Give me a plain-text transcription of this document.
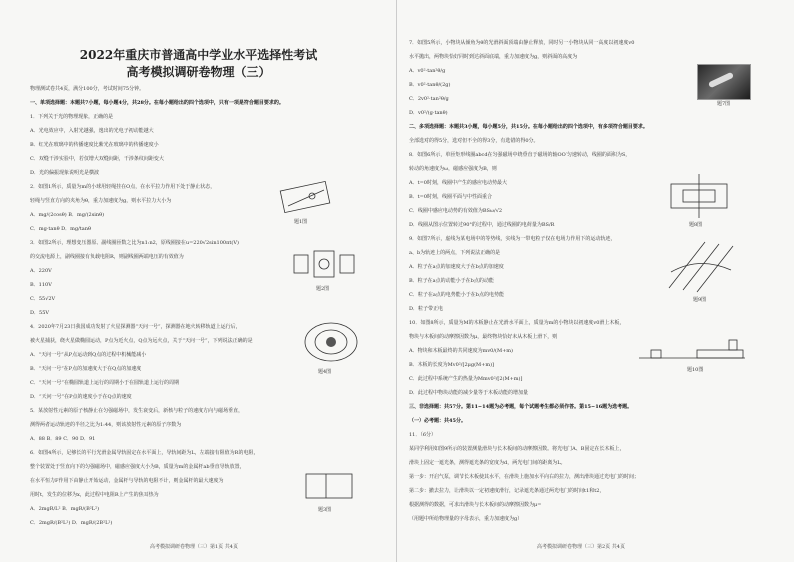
2022年重庆市普通高中学业水平选择性考试
高考模拟调研卷物理（三）
物理测试卷共4页，满分100分，考试时间75分钟。
一、单项选择题：本题共7小题，每小题4分，共28分。在每小题给出的四个选项中，只有一项是符合题目要求的。
1．下列关于光的物理现象，正确的是
A．光电效应中，入射光越强，逸出的光电子初动能越大
B．红光在玻璃中的传播速度比紫光在玻璃中的传播速度小
C．双缝干涉实验中，若仅增大双缝间距，干涉条纹间距变大
D．光的偏振现象说明光是横波
2．如图1所示，质量为m的小球用轻绳挂在O点，在水平拉力作用下处于静止状态，
轻绳与竖直方向的夹角为θ，重力加速度为g，则水平拉力大小为
A．mg/(2cosθ) B．mg/(2sinθ)
C．mg·tanθ D．mg/tanθ
3．如图2所示，理想变压器原、副线圈匝数之比为n1:n2，原线圈接在u=220√2sin100πt(V)
的交流电源上，副线圈接有负载电阻R，则副线圈两端电压的有效值为
A．220V
B．110V
C．55√2V
D．55V
4．2020年7月23日我国成功发射了火星探测器“天问一号”，探测器在地火转移轨道上运行后，
被火星捕获，绕火星做椭圆运动，P点为近火点，Q点为远火点，关于“天问一号”，下列说法正确的是
A．“天问一号”从P点运动到Q点的过程中机械能减小
B．“天问一号”在P点的加速度大于在Q点的加速度
C．“天问一号”在椭圆轨道上运行的周期小于在圆轨道上运行的周期
D．“天问一号”在P点的速度小于在Q点的速度
5．某放射性元素的原子核静止在匀强磁场中，发生衰变后，新核与粒子的速度方向与磁场垂直，
测得两者运动轨迹的半径之比为1:44，则该放射性元素的原子序数为
A．88 B．89 C．90 D．91
6．如图4所示，足够长的平行光滑金属导轨固定在水平面上，导轨间距为L，左端接有阻值为R的电阻，
整个装置处于竖直向下的匀强磁场中，磁感应强度大小为B，质量为m的金属杆ab垂直导轨放置，
在水平恒力F作用下由静止开始运动，金属杆与导轨的电阻不计，则金属杆的最大速度为
用时t，发生的位移为x，此过程中电阻R上产生的焦耳热为
A．2mgR/L² B．mgR/(B²L²)
C．2mgR/(B²L²) D．mgR/(2B²L²)
题1图
题2图
题4图
题3图
高考模拟调研卷物理（三）第1页 共4页
7．如图5所示，小物块从倾角为θ的光滑斜面顶端由静止释放，同时另一小物块从同一高度以初速度v0
水平抛出，两物块恰好同时到达斜面底端，重力加速度为g，则斜面的高度为
A．v0²·tan²θ/g
B．v0²·tanθ/(2g)
C．2v0²·tan²θ/g
D．v0²/(g·tanθ)
二、多项选择题：本题共3小题，每小题5分，共15分。在每小题给出的四个选项中，有多项符合题目要求。
全部选对的得5分，选对但不全的得3分，有选错的得0分。
8．如图6所示，单匝矩形线圈abcd在匀强磁场中绕垂直于磁场的轴OO′匀速转动，线圈的面积为S，
转动的角速度为ω，磁感应强度为B，则
A．t=0时刻，线圈中产生的感应电动势最大
B．t=0时刻，线圈平面与中性面重合
C．线圈中感应电动势的有效值为BSω/√2
D．线圈从图示位置转过90°的过程中，通过线圈的电荷量为BS/R
9．如图7所示，虚线为某电场中的等势线，实线为一带电粒子仅在电场力作用下的运动轨迹，
a、b为轨迹上的两点，下列说法正确的是
A．粒子在a点的加速度大于在b点的加速度
B．粒子在a点的动能小于在b点的动能
C．粒子在a点的电势能小于在b点的电势能
D．粒子带正电
10．如图8所示，质量为M的木板静止在光滑水平面上，质量为m的小物块以初速度v0滑上木板，
物块与木板间的动摩擦因数为μ，最终物块恰好未从木板上滑下，则
A．物块和木板最终的共同速度为mv0/(M+m)
B．木板的长度为Mv0²/[2μg(M+m)]
C．此过程中系统产生的热量为Mmv0²/[2(M+m)]
D．此过程中物块动能的减少量等于木板动能的增加量
三、非选择题：共57分。第11~14题为必考题，每个试题考生都必须作答。第15~16题为选考题。
（一）必考题：共45分。
11．（6分）
某同学利用如图9所示的装置测量滑块与长木板间的动摩擦因数。将光电门A、B固定在长木板上，
滑块上固定一遮光条，测得遮光条的宽度为d，两光电门间的距离为L。
第一步：开启气泵，调节长木板使其水平，在滑块上施加水平向右的拉力，测出滑块通过光电门的时间；
第二步：撤去拉力，让滑块以一定初速度滑行，记录遮光条通过两光电门的时间t1和t2，
根据测得的数据，可求出滑块与长木板间的动摩擦因数为μ=
（用题中所给物理量的字母表示，重力加速度为g）
题7图
题8图
题9图
题10图
高考模拟调研卷物理（三）第2页 共4页
